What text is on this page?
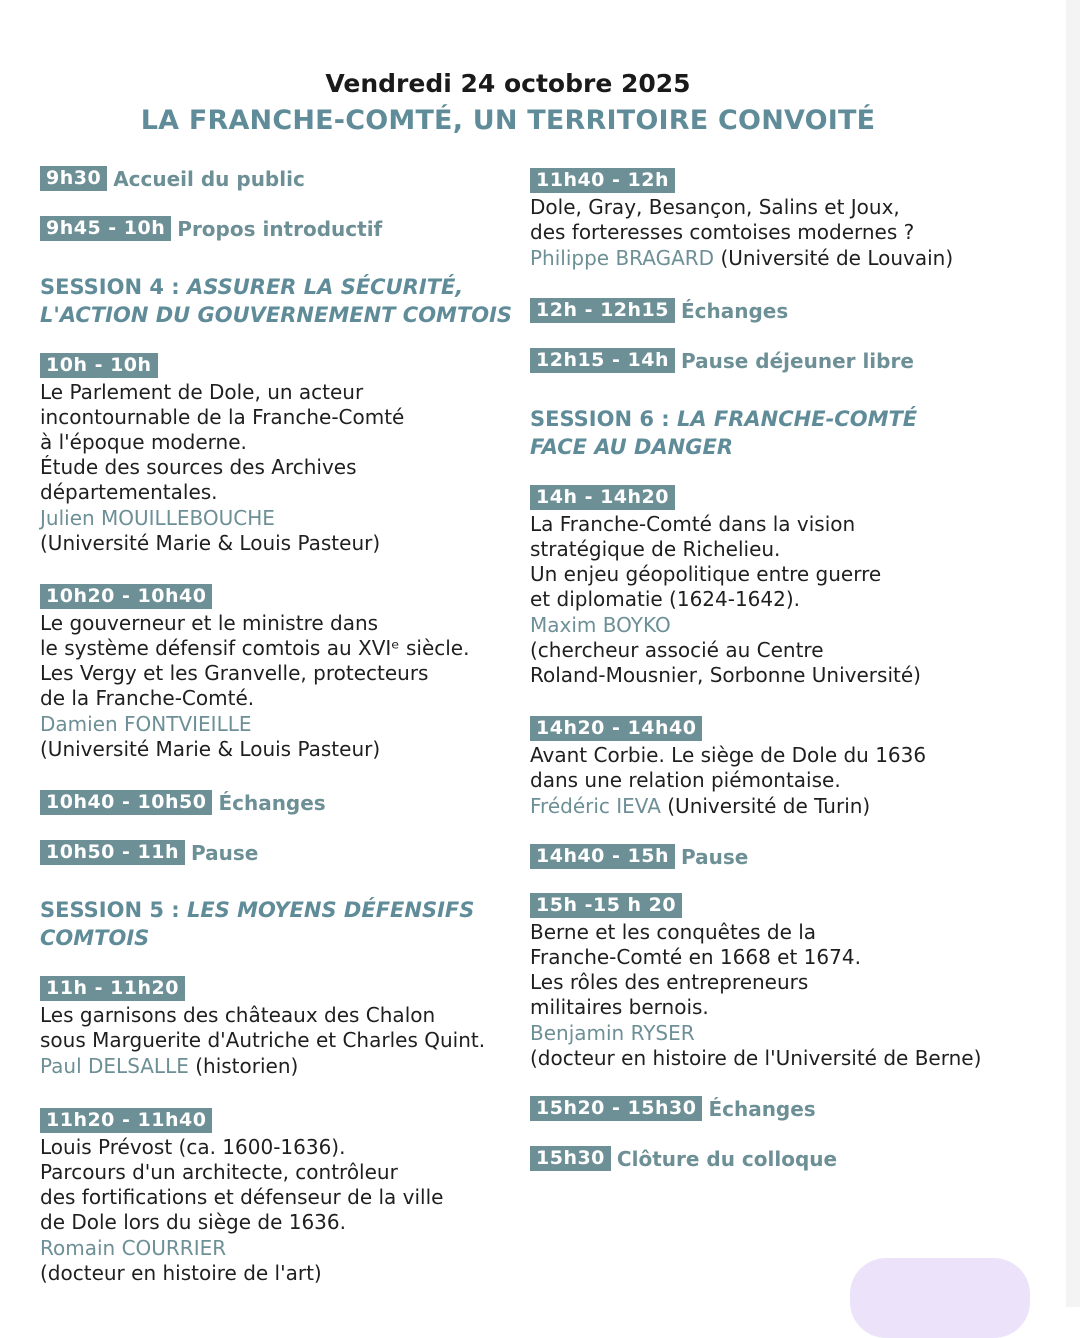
Vendredi 24 octobre 2025
LA FRANCHE-COMTÉ, UN TERRITOIRE CONVOITÉ
9h30 Accueil du public
9h45 - 10h Propos introductif
SESSION 4 : ASSURER LA SÉCURITÉ,
L'ACTION DU GOUVERNEMENT COMTOIS
10h - 10h
Le Parlement de Dole, un acteur
incontournable de la Franche-Comté
à l'époque moderne.
Étude des sources des Archives
départementales.
Julien MOUILLEBOUCHE
(Université Marie & Louis Pasteur)
10h20 - 10h40
Le gouverneur et le ministre dans
le système défensif comtois au XVIᵉ siècle.
Les Vergy et les Granvelle, protecteurs
de la Franche-Comté.
Damien FONTVIEILLE
(Université Marie & Louis Pasteur)
10h40 - 10h50 Échanges
10h50 - 11h Pause
SESSION 5 : LES MOYENS DÉFENSIFS
COMTOIS
11h - 11h20
Les garnisons des châteaux des Chalon
sous Marguerite d'Autriche et Charles Quint.
Paul DELSALLE (historien)
11h20 - 11h40
Louis Prévost (ca. 1600-1636).
Parcours d'un architecte, contrôleur
des fortifications et défenseur de la ville
de Dole lors du siège de 1636.
Romain COURRIER
(docteur en histoire de l'art)
11h40 - 12h
Dole, Gray, Besançon, Salins et Joux,
des forteresses comtoises modernes ?
Philippe BRAGARD (Université de Louvain)
12h - 12h15 Échanges
12h15 - 14h Pause déjeuner libre
SESSION 6 : LA FRANCHE-COMTÉ
FACE AU DANGER
14h - 14h20
La Franche-Comté dans la vision
stratégique de Richelieu.
Un enjeu géopolitique entre guerre
et diplomatie (1624-1642).
Maxim BOYKO
(chercheur associé au Centre
Roland-Mousnier, Sorbonne Université)
14h20 - 14h40
Avant Corbie. Le siège de Dole du 1636
dans une relation piémontaise.
Frédéric IEVA (Université de Turin)
14h40 - 15h Pause
15h -15 h 20
Berne et les conquêtes de la
Franche-Comté en 1668 et 1674.
Les rôles des entrepreneurs
militaires bernois.
Benjamin RYSER
(docteur en histoire de l'Université de Berne)
15h20 - 15h30 Échanges
15h30 Clôture du colloque
